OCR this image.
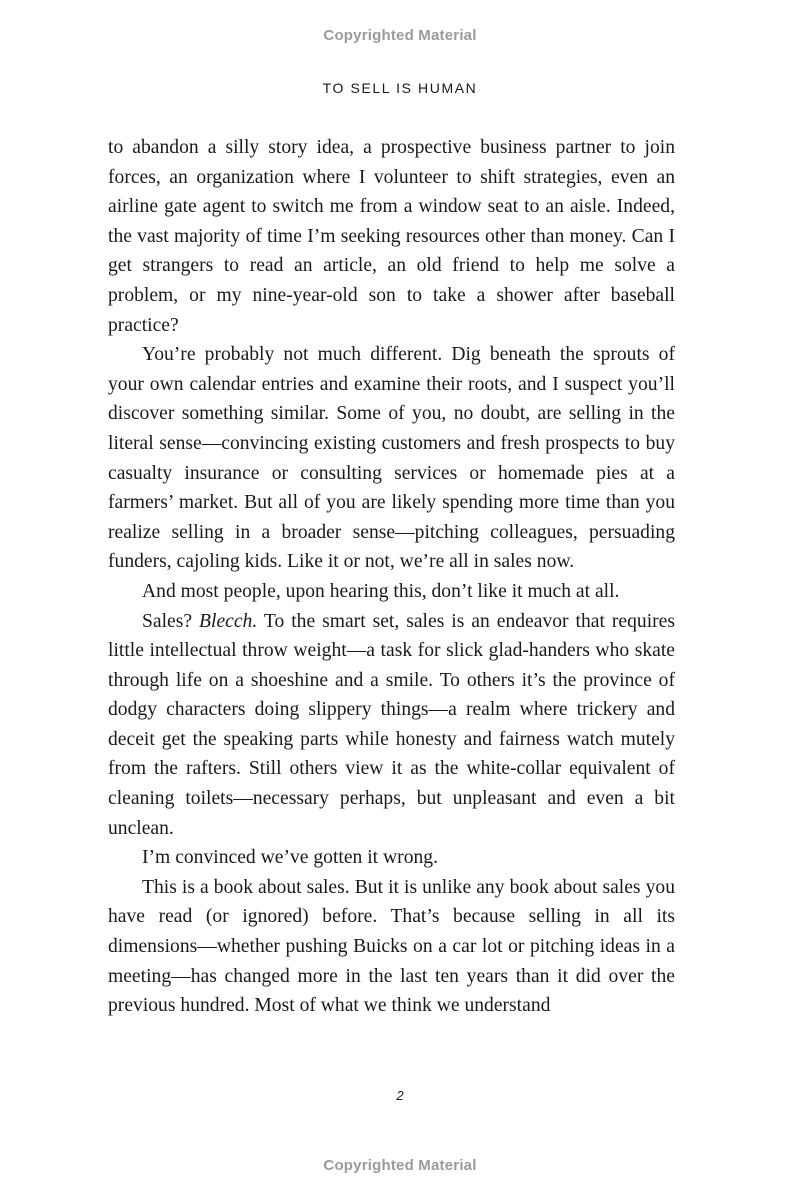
Copyrighted Material
TO SELL IS HUMAN

to abandon a silly story idea, a prospective business partner to join forces, an organization where I volunteer to shift strategies, even an airline gate agent to switch me from a window seat to an aisle. Indeed, the vast majority of time I’m seeking resources other than money. Can I get strangers to read an article, an old friend to help me solve a problem, or my nine-year-old son to take a shower after baseball practice?

You’re probably not much different. Dig beneath the sprouts of your own calendar entries and examine their roots, and I suspect you’ll discover something similar. Some of you, no doubt, are selling in the literal sense—convincing existing customers and fresh prospects to buy casualty insurance or consulting services or homemade pies at a farmers’ market. But all of you are likely spending more time than you realize selling in a broader sense—pitching colleagues, persuading funders, cajoling kids. Like it or not, we’re all in sales now.

And most people, upon hearing this, don’t like it much at all.

Sales? Blecch. To the smart set, sales is an endeavor that requires little intellectual throw weight—a task for slick glad-handers who skate through life on a shoeshine and a smile. To others it’s the province of dodgy characters doing slippery things—a realm where trickery and deceit get the speaking parts while honesty and fairness watch mutely from the rafters. Still others view it as the white-collar equivalent of cleaning toilets—necessary perhaps, but unpleasant and even a bit unclean.

I’m convinced we’ve gotten it wrong.

This is a book about sales. But it is unlike any book about sales you have read (or ignored) before. That’s because selling in all its dimensions—whether pushing Buicks on a car lot or pitching ideas in a meeting—has changed more in the last ten years than it did over the previous hundred. Most of what we think we understand

2
Copyrighted Material
